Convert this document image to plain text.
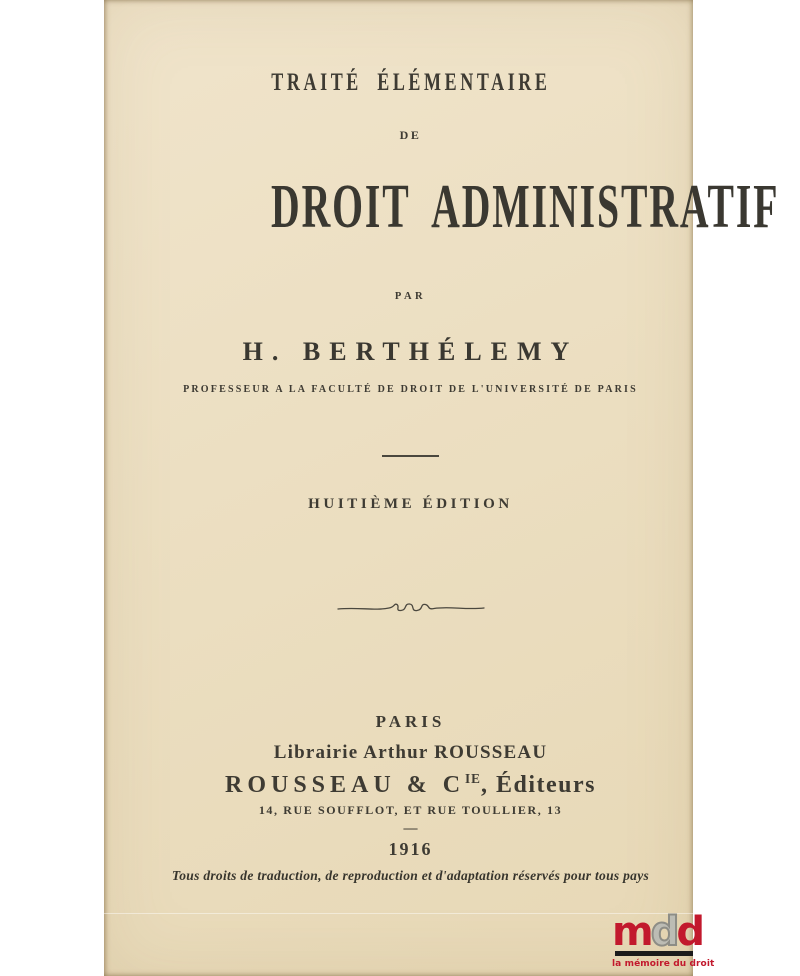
TRAITÉ ÉLÉMENTAIRE
DE
DROIT ADMINISTRATIF
PAR
H. BERTHÉLEMY
PROFESSEUR A LA FACULTÉ DE DROIT DE L'UNIVERSITÉ DE PARIS
HUITIÈME ÉDITION
PARIS
Librairie Arthur ROUSSEAU
ROUSSEAU & $C^{IE}$, Éditeurs
14, RUE SOUFFLOT, ET RUE TOULLIER, 13
—
1916
Tous droits de traduction, de reproduction et d'adaptation réservés pour tous pays
mdd
la mémoire du droit
